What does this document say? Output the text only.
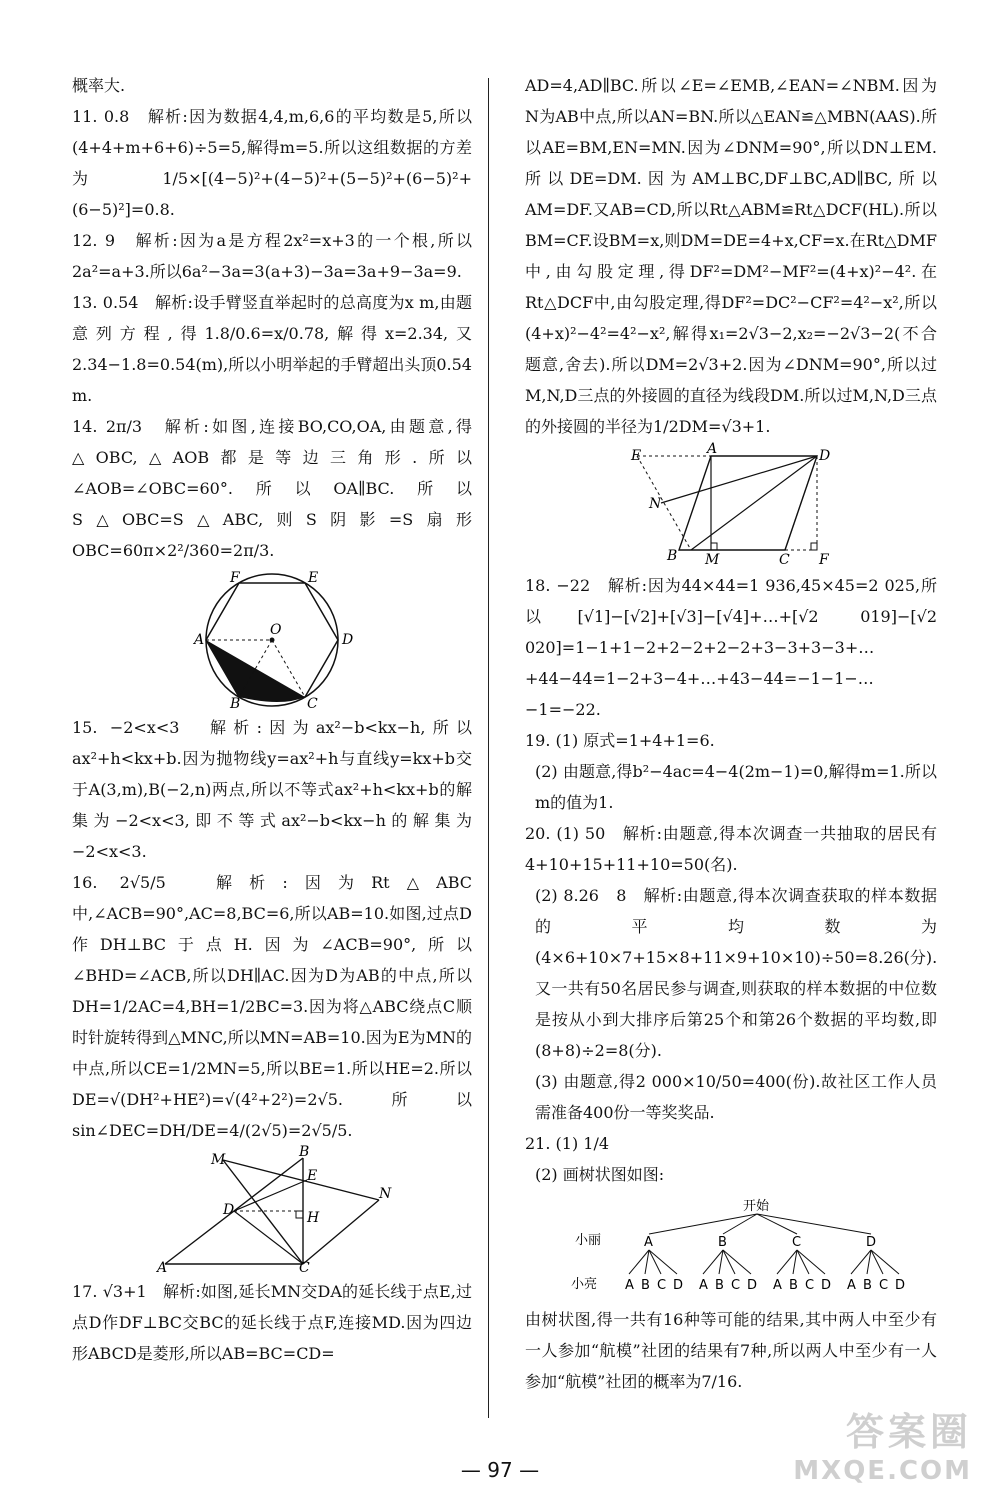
概率大.

11. 0.8　解析:因为数据4,4,m,6,6的平均数是5,所以(4+4+m+6+6)÷5=5,解得m=5.所以这组数据的方差为1/5×[(4−5)²+(4−5)²+(5−5)²+(6−5)²+(6−5)²]=0.8.

12. 9　解析:因为a是方程2x²=x+3的一个根,所以2a²=a+3.所以6a²−3a=3(a+3)−3a=3a+9−3a=9.

13. 0.54　解析:设手臂竖直举起时的总高度为x m,由题意列方程,得1.8/0.6=x/0.78,解得x=2.34,又2.34−1.8=0.54(m),所以小明举起的手臂超出头顶0.54 m.

14. 2π/3　解析:如图,连接BO,CO,OA,由题意,得△OBC,△AOB都是等边三角形.所以∠AOB=∠OBC=60°.所以OA∥BC.所以S△OBC=S△ABC,则S阴影=S扇形OBC=60π×2²/360=2π/3.

F	E
O
A	D
B	C

15. −2<x<3　解析:因为ax²−b<kx−h,所以ax²+h<kx+b.因为抛物线y=ax²+h与直线y=kx+b交于A(3,m),B(−2,n)两点,所以不等式ax²+h<kx+b的解集为−2<x<3,即不等式ax²−b<kx−h的解集为−2<x<3.

16. 2√5/5　解析:因为Rt△ABC中,∠ACB=90°,AC=8,BC=6,所以AB=10.如图,过点D作DH⊥BC于点H.因为∠ACB=90°,所以∠BHD=∠ACB,所以DH∥AC.因为D为AB的中点,所以DH=1/2AC=4,BH=1/2BC=3.因为将△ABC绕点C顺时针旋转得到△MNC,所以MN=AB=10.因为E为MN的中点,所以CE=1/2MN=5,所以BE=1.所以HE=2.所以DE=√(DH²+HE²)=√(4²+2²)=2√5.所以sin∠DEC=DH/DE=4/(2√5)=2√5/5.

M	B
E
D	H
N
A	C

17. √3+1　解析:如图,延长MN交DA的延长线于点E,过点D作DF⊥BC交BC的延长线于点F,连接MD.因为四边形ABCD是菱形,所以AB=BC=CD=

AD=4,AD∥BC.所以∠E=∠EMB,∠EAN=∠NBM.因为N为AB中点,所以AN=BN.所以△EAN≌△MBN(AAS).所以AE=BM,EN=MN.因为∠DNM=90°,所以DN⊥EM.所以DE=DM.因为AM⊥BC,DF⊥BC,AD∥BC,所以AM=DF.又AB=CD,所以Rt△ABM≌Rt△DCF(HL).所以BM=CF.设BM=x,则DM=DE=4+x,CF=x.在Rt△DMF中,由勾股定理,得DF²=DM²−MF²=(4+x)²−4².在Rt△DCF中,由勾股定理,得DF²=DC²−CF²=4²−x²,所以(4+x)²−4²=4²−x²,解得x₁=2√3−2,x₂=−2√3−2(不合题意,舍去).所以DM=2√3+2.因为∠DNM=90°,所以过M,N,D三点的外接圆的直径为线段DM.所以过M,N,D三点的外接圆的半径为1/2DM=√3+1.

E	A	D
N
B M	C F

18. −22　解析:因为44×44=1 936,45×45=2 025,所以[√1]−[√2]+[√3]−[√4]+…+[√2 019]−[√2 020]=1−1+1−2+2−2+2−2+3−3+3−3+…+44−44=1−2+3−4+…+43−44=−1−1−…−1=−22.

19. (1) 原式=1+4+1=6.

(2) 由题意,得b²−4ac=4−4(2m−1)=0,解得m=1.所以m的值为1.

20. (1) 50　解析:由题意,得本次调查一共抽取的居民有4+10+15+11+10=50(名).

(2) 8.26　8　解析:由题意,得本次调查获取的样本数据的平均数为(4×6+10×7+15×8+11×9+10×10)÷50=8.26(分).又一共有50名居民参与调查,则获取的样本数据的中位数是按从小到大排序后第25个和第26个数据的平均数,即(8+8)÷2=8(分).

(3) 由题意,得2 000×10/50=400(份).故社区工作人员需准备400份一等奖奖品.

21. (1) 1/4

(2) 画树状图如图:

开始
小丽
小亮
A
A B C D
B
A B C D
C
A B C D
D
A B C D

由树状图,得一共有16种等可能的结果,其中两人中至少有一人参加“航模”社团的结果有7种,所以两人中至少有一人参加“航模”社团的概率为7/16.

— 97 —
答案圈
MXQE.COM
